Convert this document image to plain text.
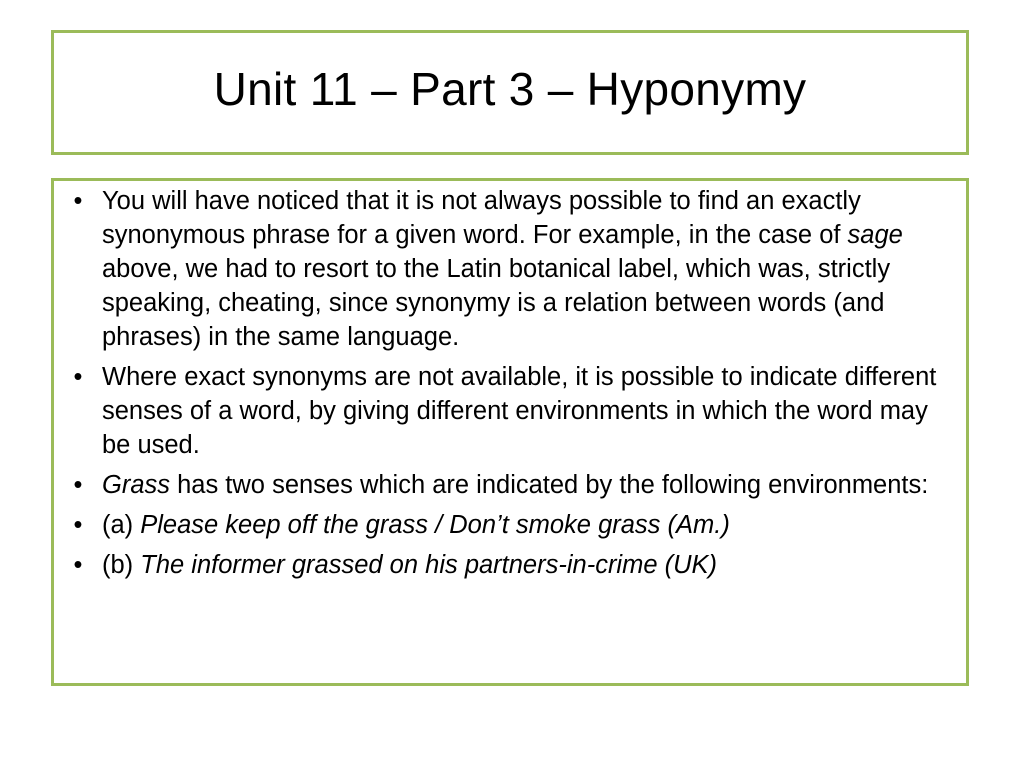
Unit 11 – Part 3 – Hyponymy
• You will have noticed that it is not always possible to find an exactly synonymous phrase for a given word. For example, in the case of sage above, we had to resort to the Latin botanical label, which was, strictly speaking, cheating, since synonymy is a relation between words (and phrases) in the same language.
• Where exact synonyms are not available, it is possible to indicate different senses of a word, by giving different environments in which the word may be used.
• Grass has two senses which are indicated by the following environments:
• (a) Please keep off the grass / Don’t smoke grass (Am.)
• (b) The informer grassed on his partners-in-crime (UK)
